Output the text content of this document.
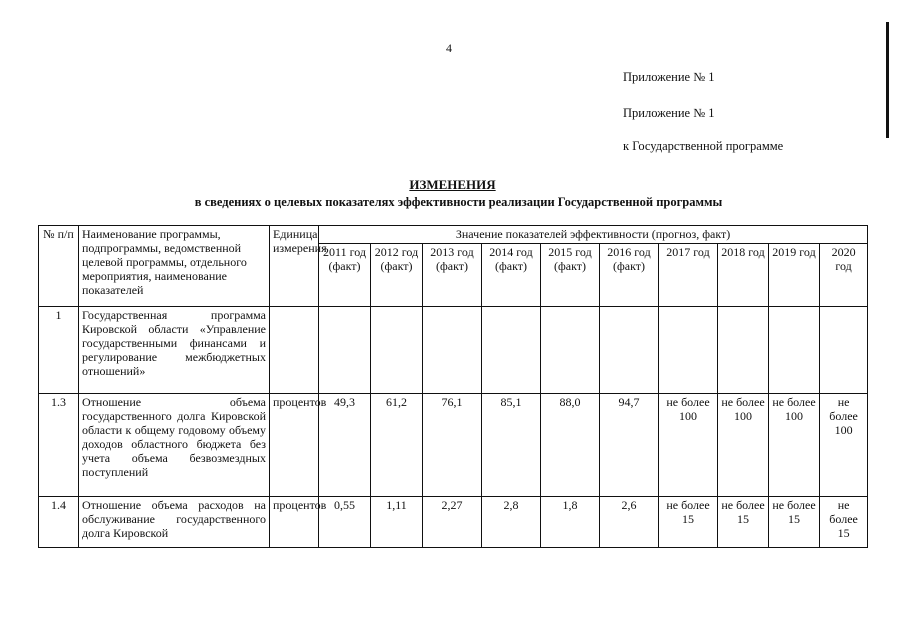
4
Приложение № 1
Приложение № 1
к Государственной программе
ИЗМЕНЕНИЯ
в сведениях о целевых показателях эффективности реализации Государственной программы
№ п/п	Наименование программы, подпрограммы, ведомственной целевой программы, отдельного мероприятия, наименование показателей	Единица измерения	Значение показателей эффективности (прогноз, факт)									
			2011 год (факт)	2012 год (факт)	2013 год (факт)	2014 год (факт)	2015 год (факт)	2016 год (факт)	2017 год	2018 год	2019 год	2020 год
1	Государственная программа Кировской области «Управление государственными финансами и регулирование межбюджетных отношений»											
1.3	Отношение объема государственного долга Кировской области к общему годовому объему доходов областного бюджета без учета объема безвозмездных поступлений	процентов	49,3	61,2	76,1	85,1	88,0	94,7	не более 100	не более 100	не более 100	не более 100
1.4	Отношение объема расходов на обслуживание государственного долга Кировской	процентов	0,55	1,11	2,27	2,8	1,8	2,6	не более 15	не более 15	не более 15	не более 15
